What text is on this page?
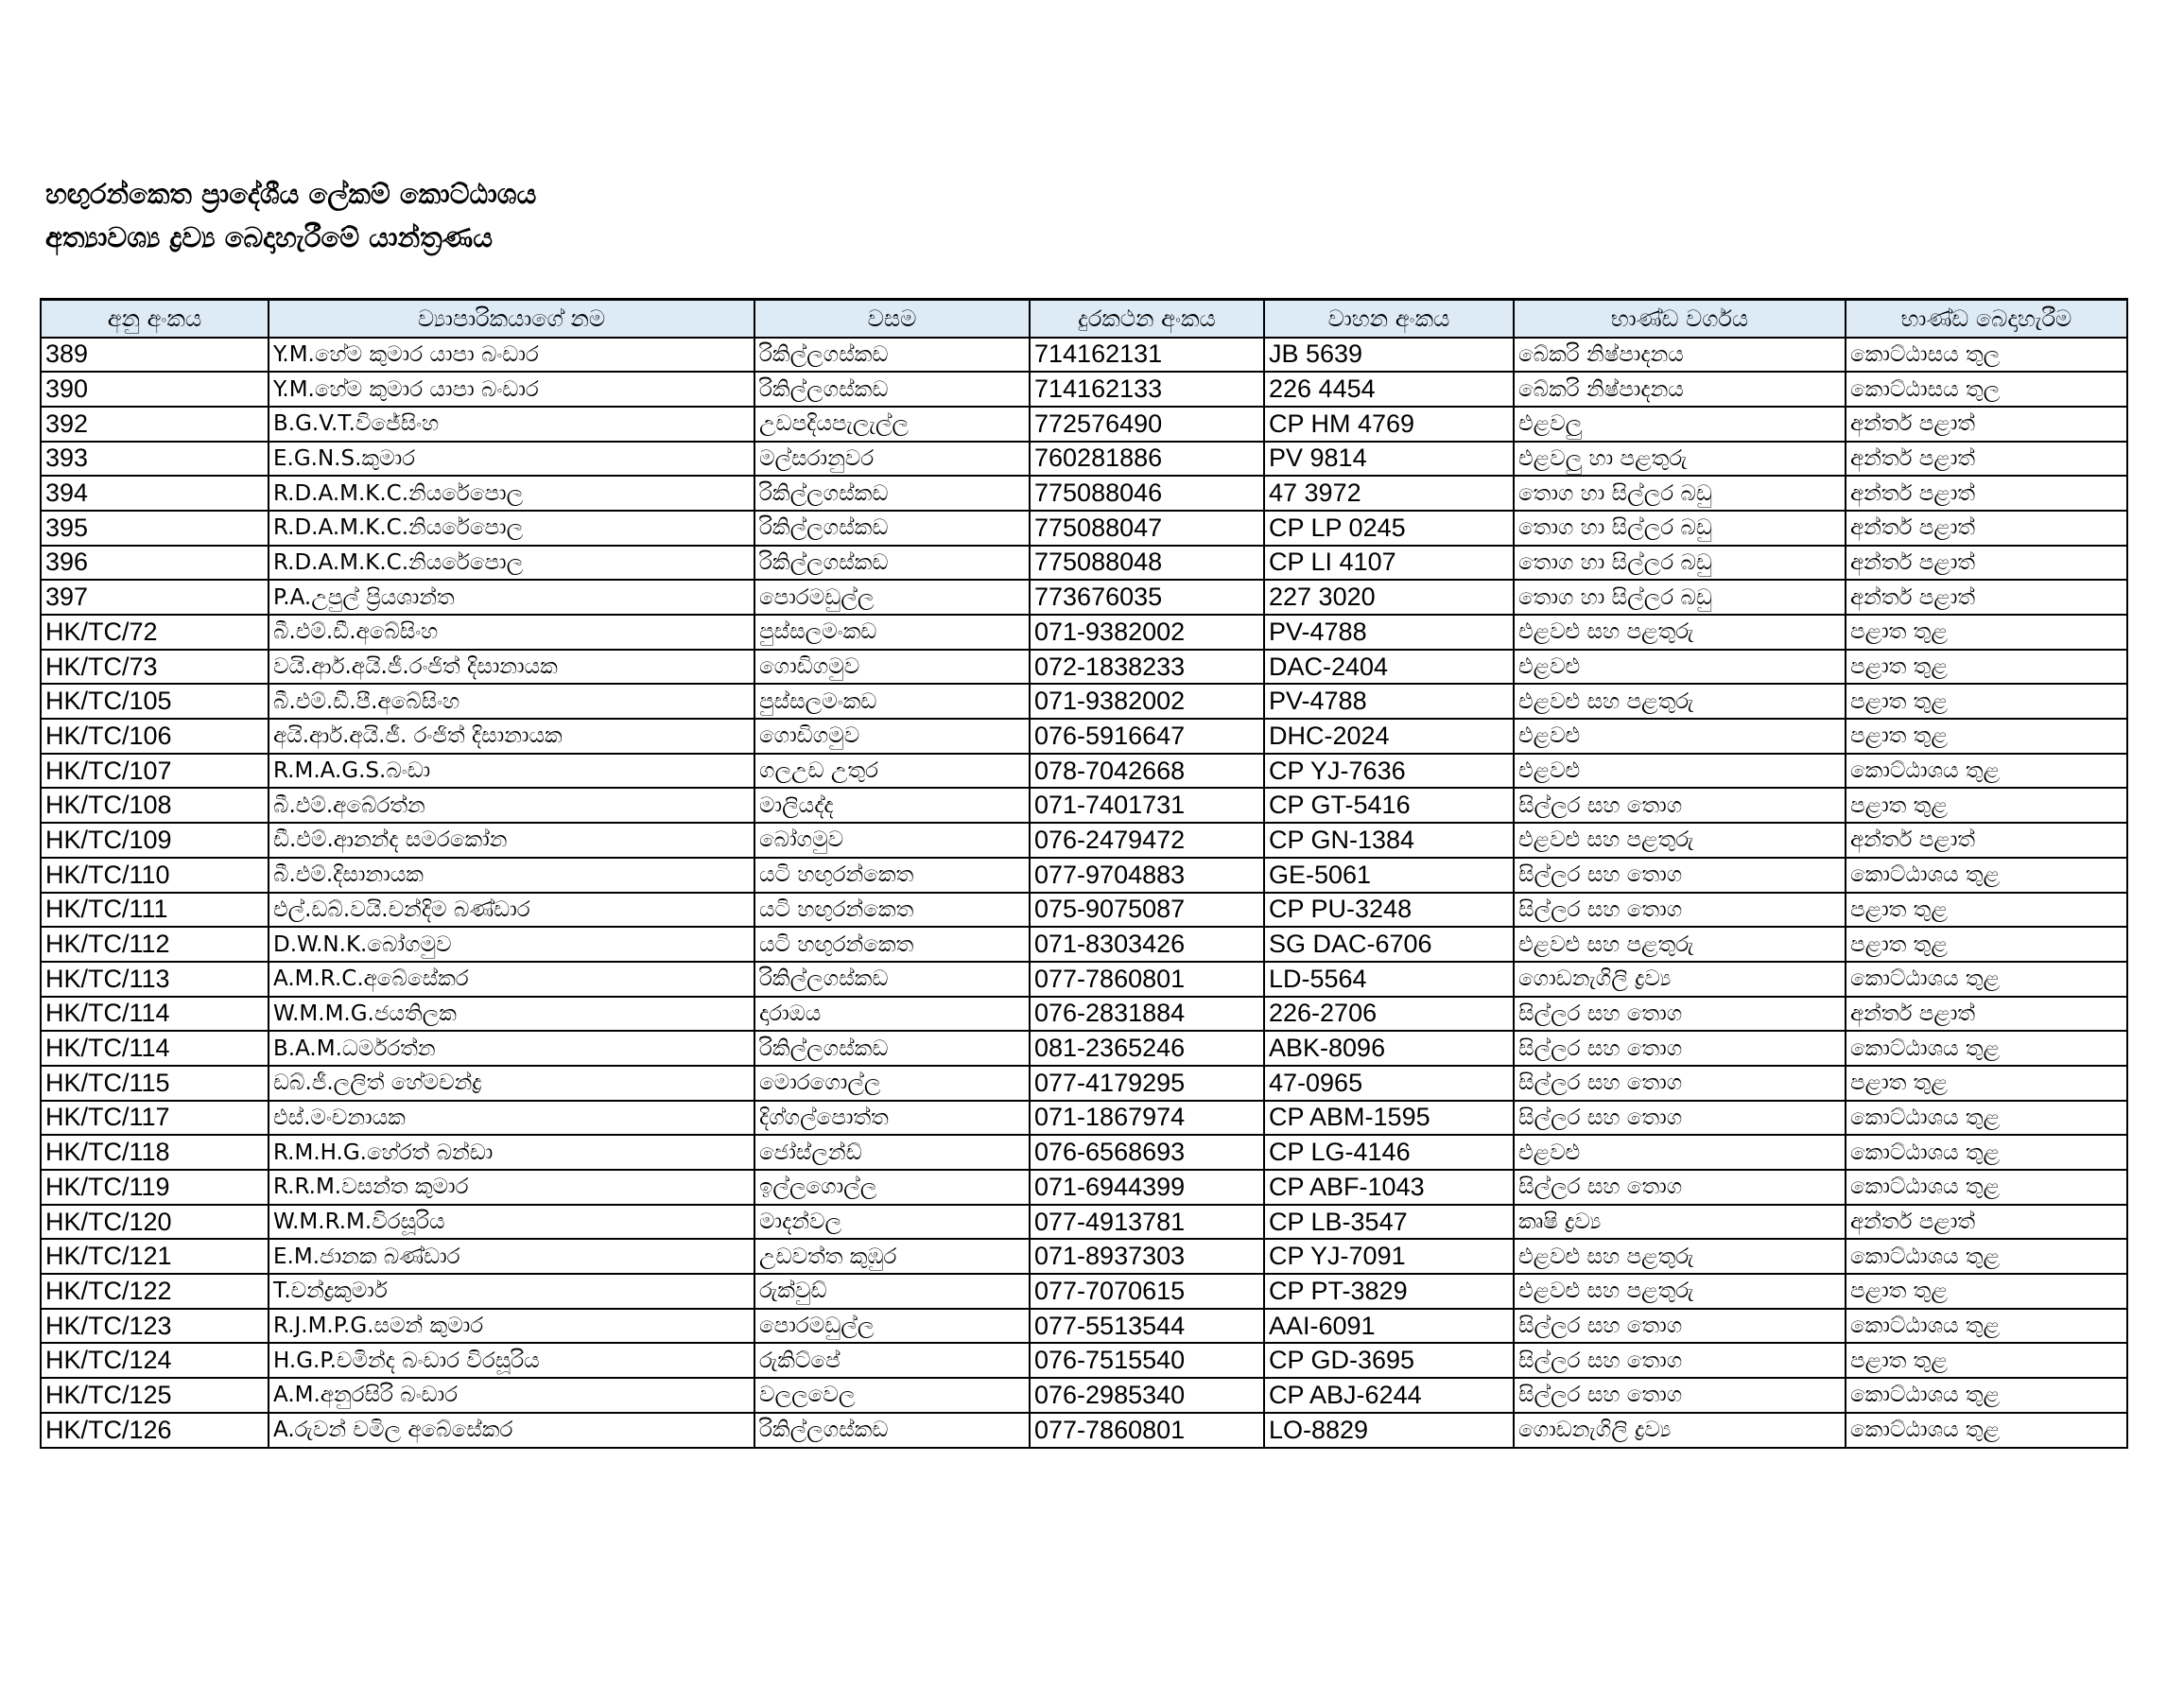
හඟුරන්කෙත ප්‍රාදේශීය ලේකම් කොට්ඨාශය
අත්‍යාවශ්‍ය ද්‍රව්‍ය බෙදාහැරීමේ යාන්ත්‍රණය
අනු අංකය	ව්‍යාපාරිකයාගේ නම	වසම	දුරකථන අංකය	වාහන අංකය	භාණ්ඩ වර්ගය	භාණ්ඩ බෙදාහැරීම
389	Y.M.හේම කුමාර යාපා බංඩාර	රිකිල්ලගස්කඩ	714162131	JB 5639	බේකරි නිෂ්පාදනය	කොට්ඨාසය තුල
390	Y.M.හේම කුමාර යාපා බංඩාර	රිකිල්ලගස්කඩ	714162133	226 4454	බේකරි නිෂ්පාදනය	කොට්ඨාසය තුල
392	B.G.V.T.විජේසිංහ	උඩපදියපැලැල්ල	772576490	CP HM 4769	එළවලු	අන්තර් පළාත්
393	E.G.N.S.කුමාර	මල්සරානුවර	760281886	PV 9814	එළවලු හා පළතුරු	අන්තර් පළාත්
394	R.D.A.M.K.C.නියරේපොල	රිකිල්ලගස්කඩ	775088046	47 3972	තොග හා සිල්ලර බඩු	අන්තර් පළාත්
395	R.D.A.M.K.C.නියරේපොල	රිකිල්ලගස්කඩ	775088047	CP LP 0245	තොග හා සිල්ලර බඩු	අන්තර් පළාත්
396	R.D.A.M.K.C.නියරේපොල	රිකිල්ලගස්කඩ	775088048	CP LI 4107	තොග හා සිල්ලර බඩු	අන්තර් පළාත්
397	P.A.උපුල් ප්‍රියශාන්ත	පොරමඩුල්ල	773676035	227 3020	තොග හා සිල්ලර බඩු	අන්තර් පළාත්
HK/TC/72	බී.එම්.ඩී.අබේසිංහ	පුස්සලමංකඩ	071-9382002	PV-4788	එළවළු සහ පළතුරු	පළාත තුළ
HK/TC/73	වයි.ආර්.අයි.ජී.රංජිත් දිසානායක	ගොඩිගමුව	072-1838233	DAC-2404	එළවළු	පළාත තුළ
HK/TC/105	බී.එම්.ඩී.පී.අබේසිංහ	පුස්සලමංකඩ	071-9382002	PV-4788	එළවළු සහ පළතුරු	පළාත තුළ
HK/TC/106	අයි.ආර්.අයි.ජී. රංජිත් දිසානායක	ගොඩිගමුව	076-5916647	DHC-2024	එළවළු	පළාත තුළ
HK/TC/107	R.M.A.G.S.බංඩා	ගලඋඩ උතුර	078-7042668	CP YJ-7636	එළවළු	කොට්ඨාශය තුළ
HK/TC/108	බී.එම්.අබේරත්න	මාලියද්ද	071-7401731	CP GT-5416	සිල්ලර සහ තොග	පළාත තුළ
HK/TC/109	ඩී.එම්.ආනන්ද සමරකෝන	බෝගමුව	076-2479472	CP GN-1384	එළවළු සහ පළතුරු	අන්තර් පළාත්
HK/TC/110	බී.එම්.දිසානායක	යටි හඟුරන්කෙත	077-9704883	GE-5061	සිල්ලර සහ තොග	කොට්ඨාශය තුළ
HK/TC/111	එල්.ඩබ්.වයි.චන්දිම බණ්ඩාර	යටි හඟුරන්කෙත	075-9075087	CP PU-3248	සිල්ලර සහ තොග	පළාත තුළ
HK/TC/112	D.W.N.K.බෝගමුව	යටි හඟුරන්කෙත	071-8303426	SG DAC-6706	එළවළු සහ පළතුරු	පළාත තුළ
HK/TC/113	A.M.R.C.අබේසේකර	රිකිල්ලගස්කඩ	077-7860801	LD-5564	ගොඩනැගිලි ද්‍රව්‍ය	කොට්ඨාශය තුළ
HK/TC/114	W.M.M.G.ජයතිලක	දාරාඔය	076-2831884	226-2706	සිල්ලර සහ තොග	අන්තර් පළාත්
HK/TC/114	B.A.M.ධර්මරත්න	රිකිල්ලගස්කඩ	081-2365246	ABK-8096	සිල්ලර සහ තොග	කොට්ඨාශය තුළ
HK/TC/115	ඩබ්.ජී.ලලිත් හේමචන්ද්‍ර	මොරගොල්ල	077-4179295	47-0965	සිල්ලර සහ තොග	පළාත තුළ
HK/TC/117	එස්.මංචනායක	දිග්ගල්පොත්ත	071-1867974	CP ABM-1595	සිල්ලර සහ තොග	කොට්ඨාශය තුළ
HK/TC/118	R.M.H.G.හේරත් බන්ඩා	ජෝස්ලන්ඩ්	076-6568693	CP LG-4146	එළවළු	කොට්ඨාශය තුළ
HK/TC/119	R.R.M.වසන්ත කුමාර	ඉල්ලගොල්ල	071-6944399	CP ABF-1043	සිල්ලර සහ තොග	කොට්ඨාශය තුළ
HK/TC/120	W.M.R.M.විරසූරිය	මාදන්වල	077-4913781	CP LB-3547	කෘෂි ද්‍රව්‍ය	අන්තර් පළාත්
HK/TC/121	E.M.ජානක බණ්ඩාර	උඩවත්ත කුඹුර	071-8937303	CP YJ-7091	එළවළු සහ පළතුරු	කොට්ඨාශය තුළ
HK/TC/122	T.චන්ද්‍රකුමාර්	රුක්වුඩ්	077-7070615	CP PT-3829	එළවළු සහ පළතුරු	පළාත තුළ
HK/TC/123	R.J.M.P.G.සමන් කුමාර	පොරමඩුල්ල	077-5513544	AAI-6091	සිල්ලර සහ තොග	කොට්ඨාශය තුළ
HK/TC/124	H.G.P.චමින්ද බංඩාර විරසූරිය	රුකිට්පේ	076-7515540	CP GD-3695	සිල්ලර සහ තොග	පළාත තුළ
HK/TC/125	A.M.අනුරසිරි බංඩාර	වලලවෙල	076-2985340	CP ABJ-6244	සිල්ලර සහ තොග	කොට්ඨාශය තුළ
HK/TC/126	A.රුවන් චමිල අබේසේකර	රිකිල්ලගස්කඩ	077-7860801	LO-8829	ගොඩනැගිලි ද්‍රව්‍ය	කොට්ඨාශය තුළ
